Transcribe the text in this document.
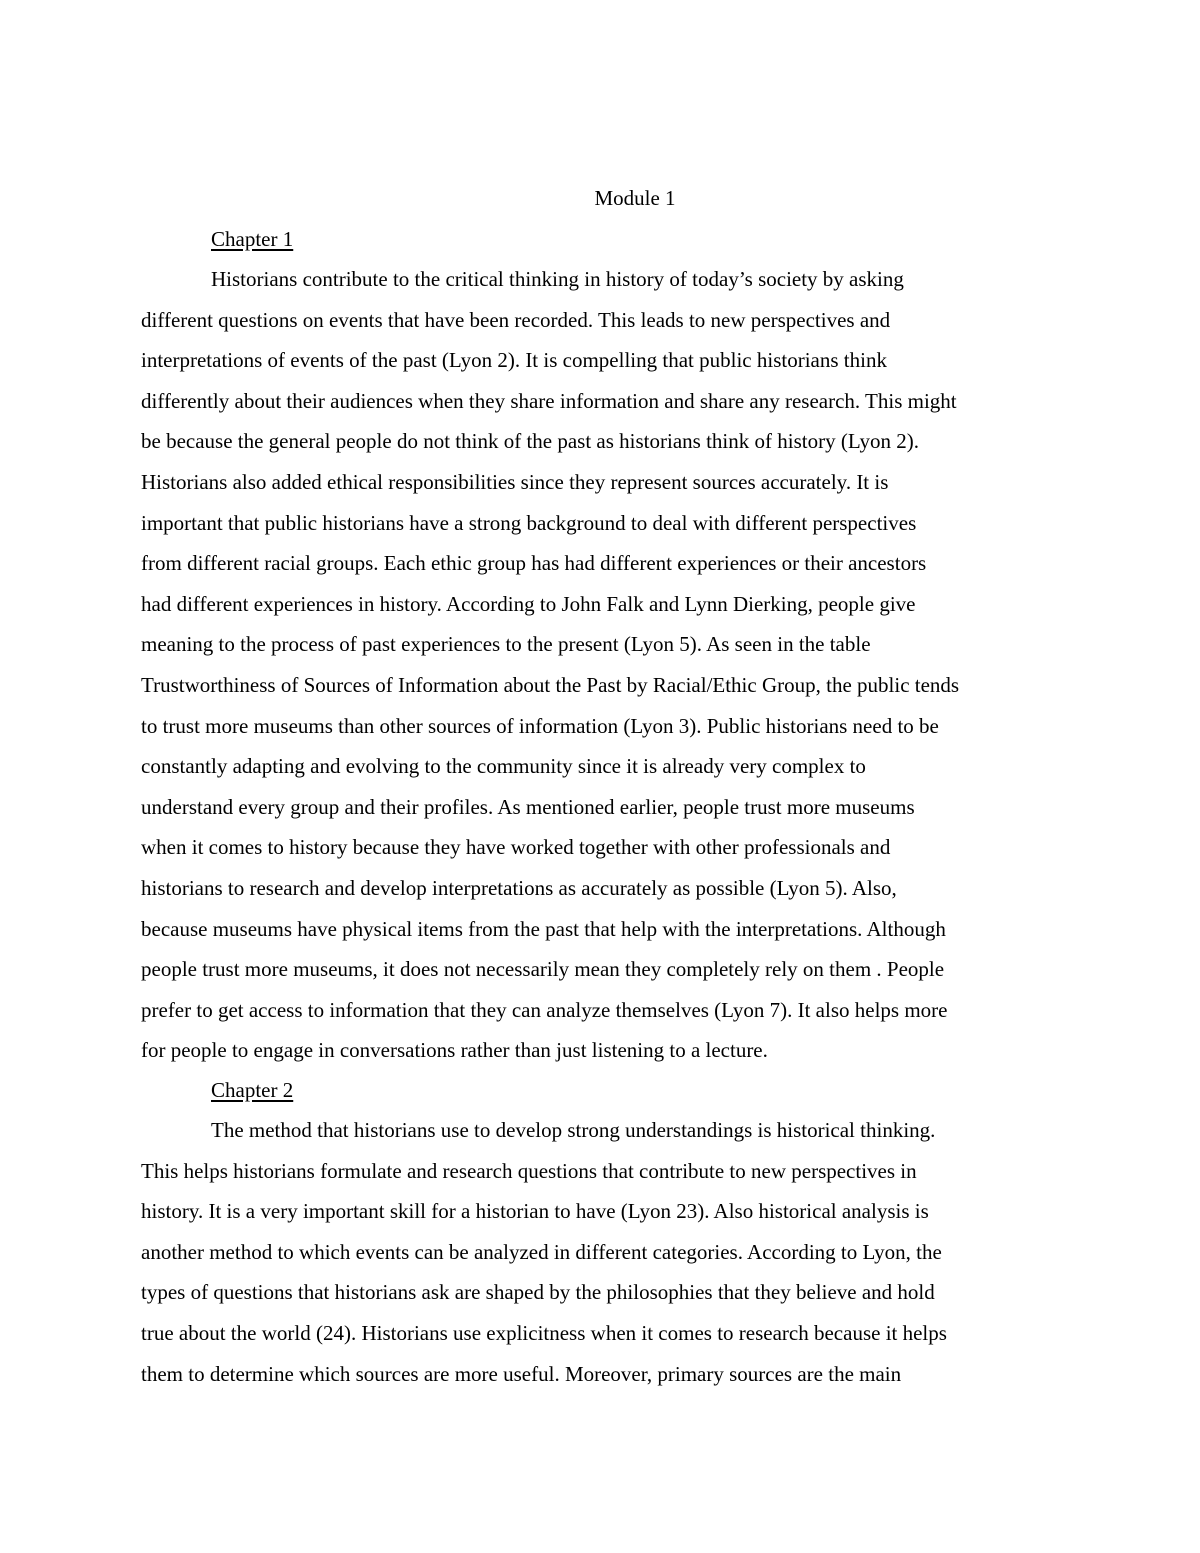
Module 1
Chapter 1
Historians contribute to the critical thinking in history of today’s society by asking
different questions on events that have been recorded. This leads to new perspectives and
interpretations of events of the past (Lyon 2). It is compelling that public historians think
differently about their audiences when they share information and share any research. This might
be because the general people do not think of the past as historians think of history (Lyon 2).
Historians also added ethical responsibilities since they represent sources accurately. It is
important that public historians have a strong background to deal with different perspectives
from different racial groups. Each ethic group has had different experiences or their ancestors
had different experiences in history. According to John Falk and Lynn Dierking, people give
meaning to the process of past experiences to the present (Lyon 5). As seen in the table
Trustworthiness of Sources of Information about the Past by Racial/Ethic Group, the public tends
to trust more museums than other sources of information (Lyon 3). Public historians need to be
constantly adapting and evolving to the community since it is already very complex to
understand every group and their profiles. As mentioned earlier, people trust more museums
when it comes to history because they have worked together with other professionals and
historians to research and develop interpretations as accurately as possible (Lyon 5). Also,
because museums have physical items from the past that help with the interpretations. Although
people trust more museums, it does not necessarily mean they completely rely on them . People
prefer to get access to information that they can analyze themselves (Lyon 7). It also helps more
for people to engage in conversations rather than just listening to a lecture.
Chapter 2
The method that historians use to develop strong understandings is historical thinking.
This helps historians formulate and research questions that contribute to new perspectives in
history. It is a very important skill for a historian to have (Lyon 23). Also historical analysis is
another method to which events can be analyzed in different categories. According to Lyon, the
types of questions that historians ask are shaped by the philosophies that they believe and hold
true about the world (24). Historians use explicitness when it comes to research because it helps
them to determine which sources are more useful. Moreover, primary sources are the main
